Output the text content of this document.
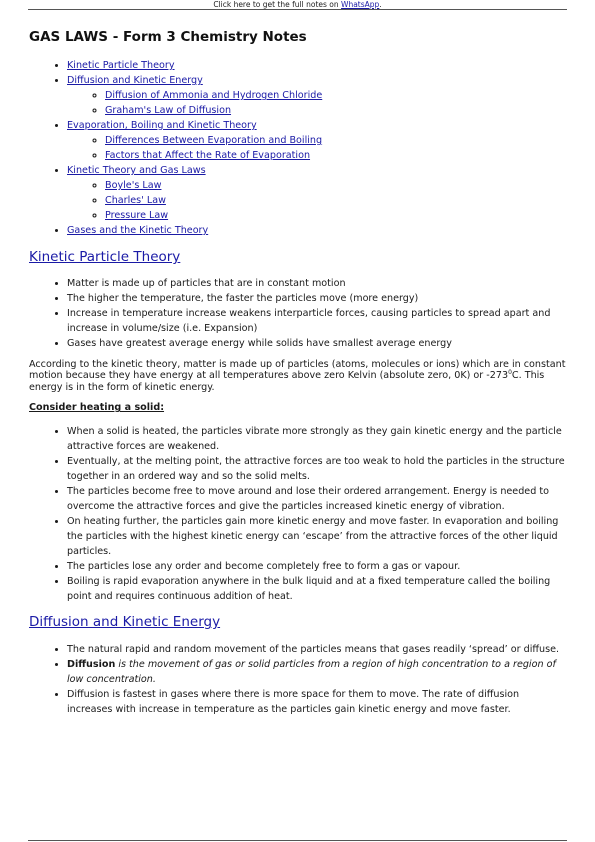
Click here to get the full notes on WhatsApp.
GAS LAWS - Form 3 Chemistry Notes
• Kinetic Particle Theory
• Diffusion and Kinetic Energy
◦ Diffusion of Ammonia and Hydrogen Chloride
◦ Graham's Law of Diffusion
• Evaporation, Boiling and Kinetic Theory
◦ Differences Between Evaporation and Boiling
◦ Factors that Affect the Rate of Evaporation
• Kinetic Theory and Gas Laws
◦ Boyle's Law
◦ Charles' Law
◦ Pressure Law
• Gases and the Kinetic Theory
Kinetic Particle Theory
• Matter is made up of particles that are in constant motion
• The higher the temperature, the faster the particles move (more energy)
• Increase in temperature increase weakens interparticle forces, causing particles to spread apart and increase in volume/size (i.e. Expansion)
• Gases have greatest average energy while solids have smallest average energy

According to the kinetic theory, matter is made up of particles (atoms, molecules or ions) which are in constant motion because they have energy at all temperatures above zero Kelvin (absolute zero, 0K) or $-273^0C$. This energy is in the form of kinetic energy.

Consider heating a solid:

• When a solid is heated, the particles vibrate more strongly as they gain kinetic energy and the particle attractive forces are weakened.
• Eventually, at the melting point, the attractive forces are too weak to hold the particles in the structure together in an ordered way and so the solid melts.
• The particles become free to move around and lose their ordered arrangement. Energy is needed to overcome the attractive forces and give the particles increased kinetic energy of vibration.
• On heating further, the particles gain more kinetic energy and move faster. In evaporation and boiling the particles with the highest kinetic energy can ‘escape’ from the attractive forces of the other liquid particles.
• The particles lose any order and become completely free to form a gas or vapour.
• Boiling is rapid evaporation anywhere in the bulk liquid and at a fixed temperature called the boiling point and requires continuous addition of heat.
Diffusion and Kinetic Energy
• The natural rapid and random movement of the particles means that gases readily ‘spread’ or diffuse.
• Diffusion is the movement of gas or solid particles from a region of high concentration to a region of low concentration.
• Diffusion is fastest in gases where there is more space for them to move. The rate of diffusion increases with increase in temperature as the particles gain kinetic energy and move faster.
